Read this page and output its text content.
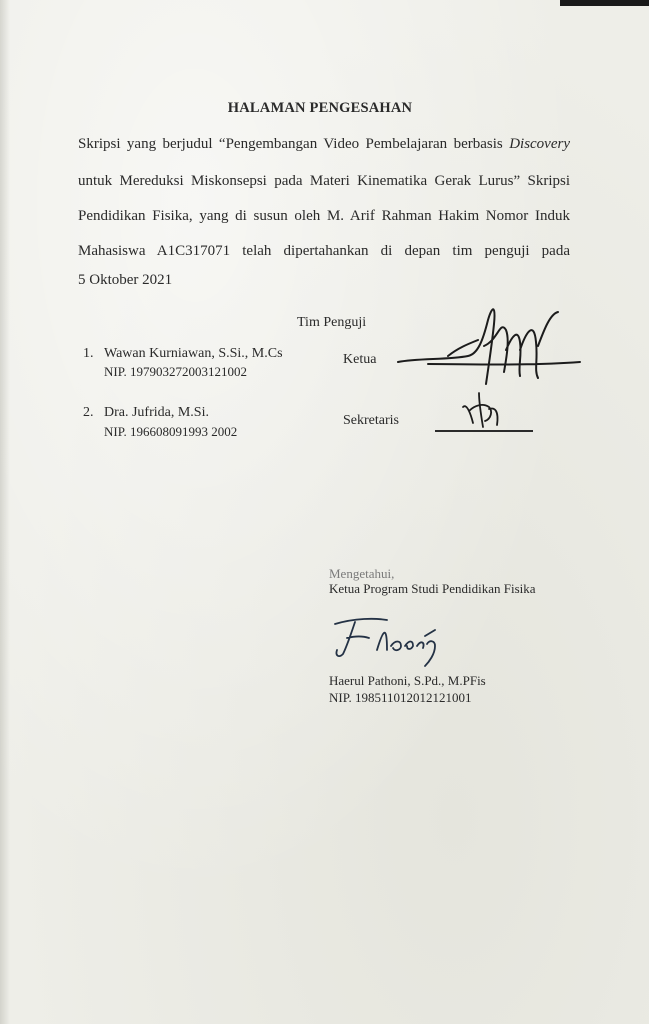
HALAMAN PENGESAHAN
Skripsi yang berjudul “Pengembangan Video Pembelajaran berbasis Discovery
untuk Mereduksi Miskonsepsi pada Materi Kinematika Gerak Lurus” Skripsi
Pendidikan Fisika, yang di susun oleh M. Arif Rahman Hakim Nomor Induk
Mahasiswa A1C317071 telah dipertahankan di depan tim penguji pada
5 Oktober 2021
Tim Penguji
1. Wawan Kurniawan, S.Si., M.Cs
NIP. 197903272003121002
Ketua
2. Dra. Jufrida, M.Si.
NIP. 196608091993 2002
Sekretaris
Mengetahui,
Ketua Program Studi Pendidikan Fisika
Haerul Pathoni, S.Pd., M.PFis
NIP. 198511012012121001
